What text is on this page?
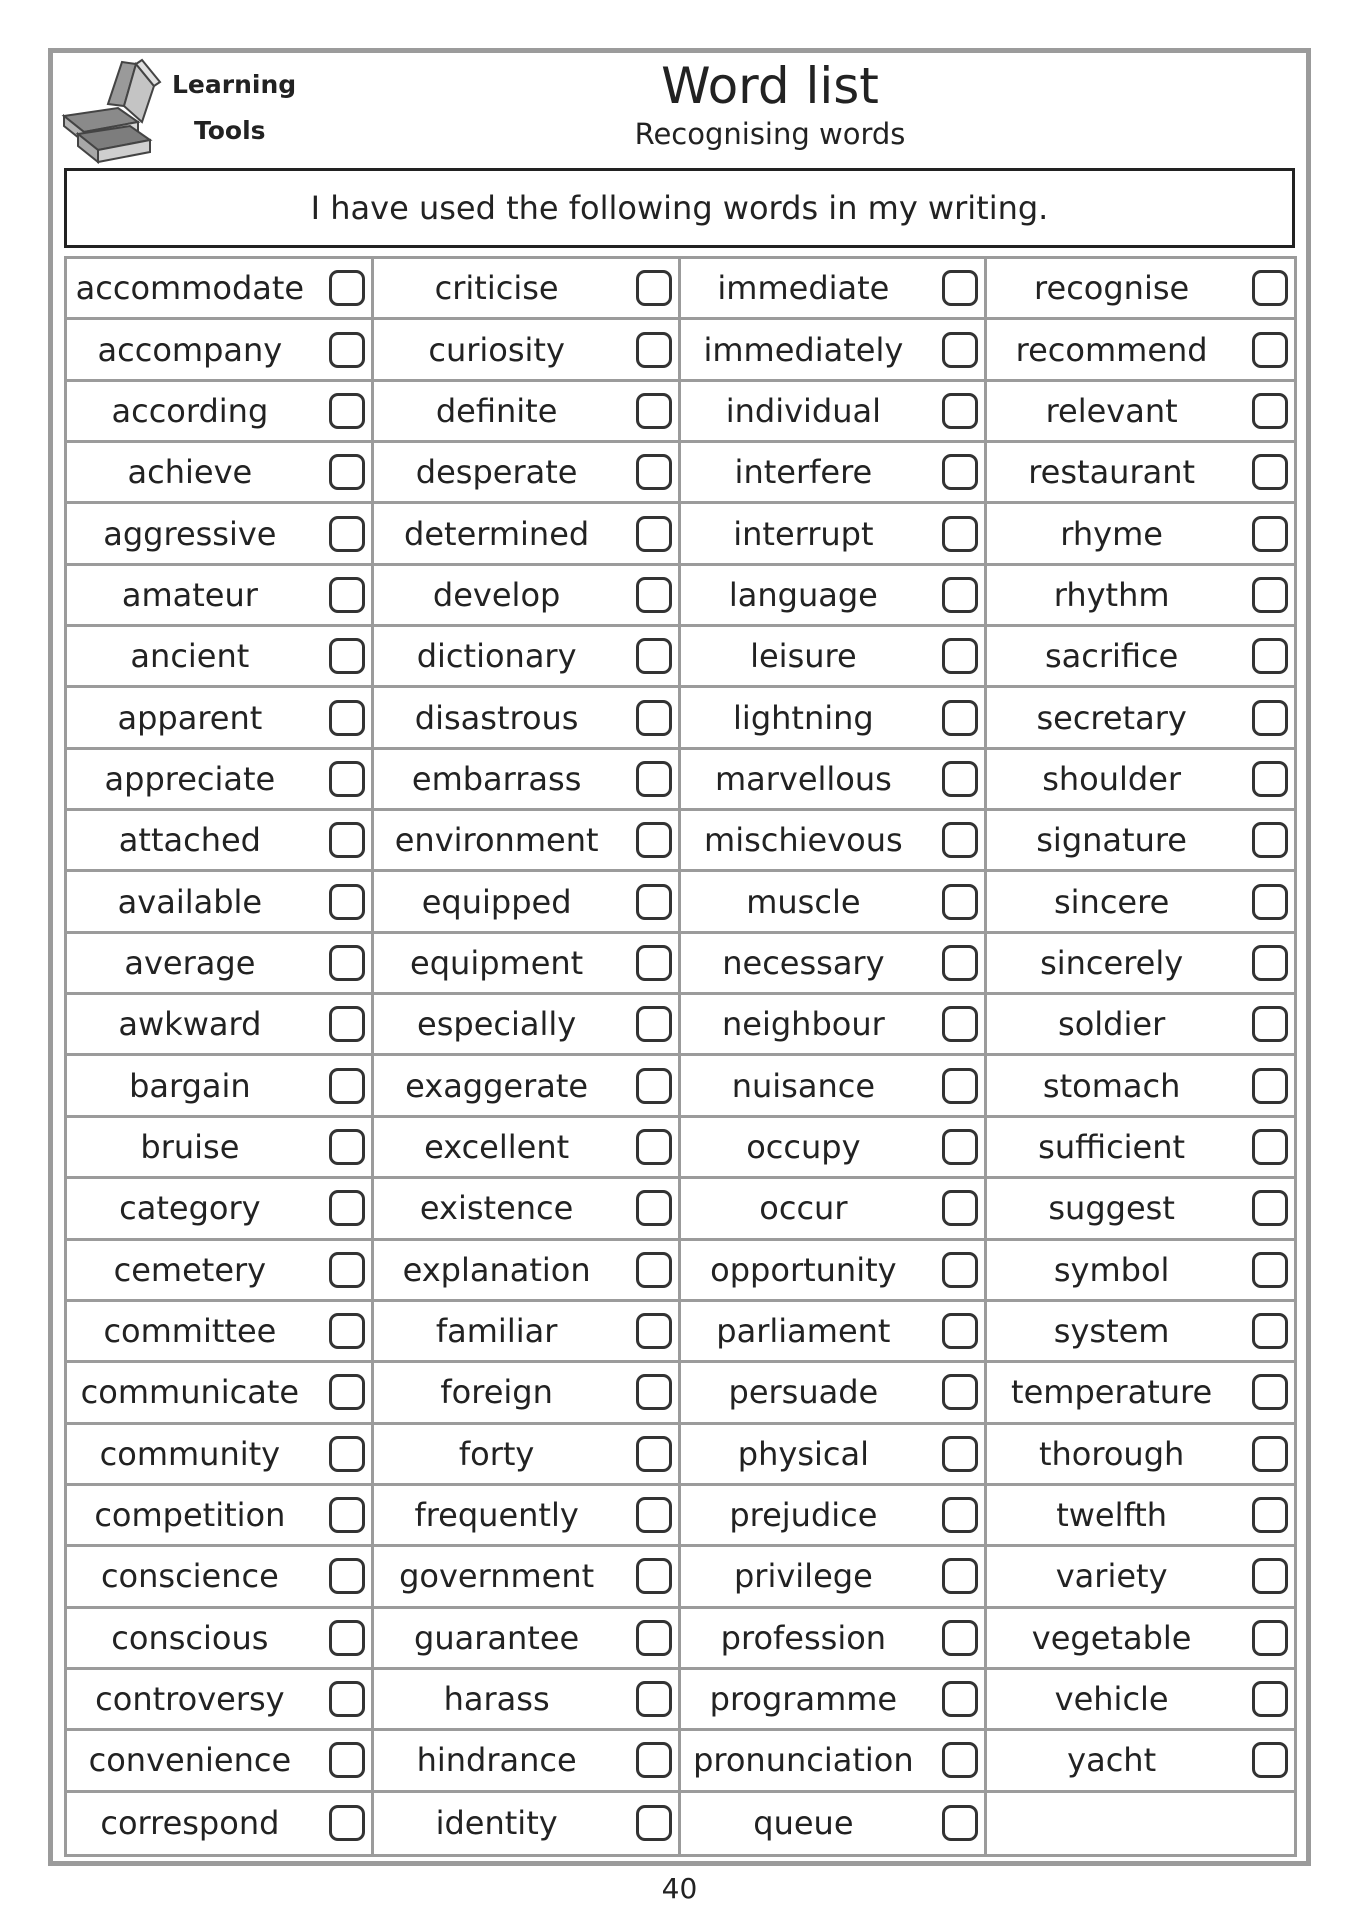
Learning
Tools
Word list
Recognising words
I have used the following words in my writing.
accommodate	criticise	immediate	recognise
accompany	curiosity	immediately	recommend
according	definite	individual	relevant
achieve	desperate	interfere	restaurant
aggressive	determined	interrupt	rhyme
amateur	develop	language	rhythm
ancient	dictionary	leisure	sacrifice
apparent	disastrous	lightning	secretary
appreciate	embarrass	marvellous	shoulder
attached	environment	mischievous	signature
available	equipped	muscle	sincere
average	equipment	necessary	sincerely
awkward	especially	neighbour	soldier
bargain	exaggerate	nuisance	stomach
bruise	excellent	occupy	sufficient
category	existence	occur	suggest
cemetery	explanation	opportunity	symbol
committee	familiar	parliament	system
communicate	foreign	persuade	temperature
community	forty	physical	thorough
competition	frequently	prejudice	twelfth
conscience	government	privilege	variety
conscious	guarantee	profession	vegetable
controversy	harass	programme	vehicle
convenience	hindrance	pronunciation	yacht
correspond	identity	queue
40
